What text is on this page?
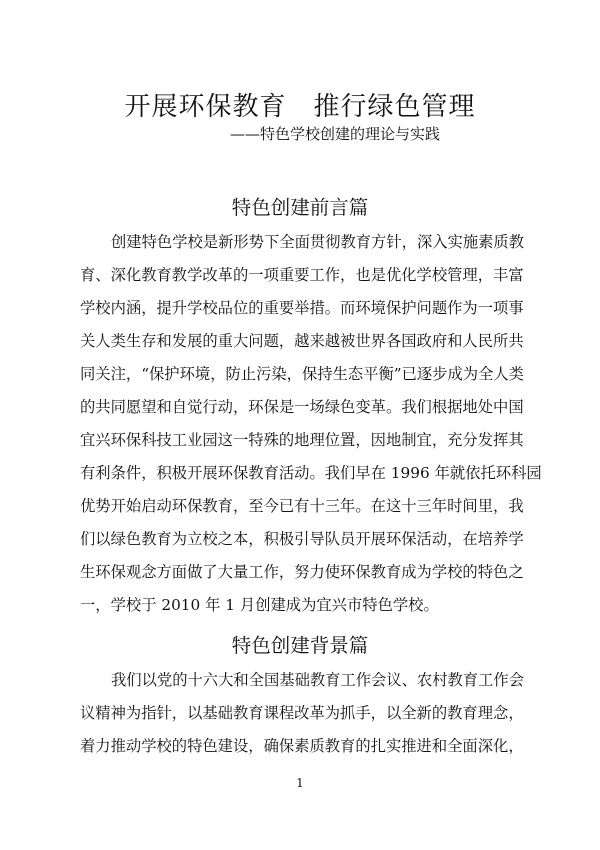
开展环保教育　推行绿色管理
——特色学校创建的理论与实践
特色创建前言篇
创建特色学校是新形势下全面贯彻教育方针，深入实施素质教
育、深化教育教学改革的一项重要工作，也是优化学校管理，丰富
学校内涵，提升学校品位的重要举措。而环境保护问题作为一项事
关人类生存和发展的重大问题，越来越被世界各国政府和人民所共
同关注，“保护环境，防止污染，保持生态平衡”已逐步成为全人类
的共同愿望和自觉行动，环保是一场绿色变革。我们根据地处中国
宜兴环保科技工业园这一特殊的地理位置，因地制宜，充分发挥其
有利条件，积极开展环保教育活动。我们早在 1996 年就依托环科园
优势开始启动环保教育，至今已有十三年。在这十三年时间里，我
们以绿色教育为立校之本，积极引导队员开展环保活动，在培养学
生环保观念方面做了大量工作，努力使环保教育成为学校的特色之
一，学校于 2010 年 1 月创建成为宜兴市特色学校。
特色创建背景篇
我们以党的十六大和全国基础教育工作会议、农村教育工作会
议精神为指针，以基础教育课程改革为抓手，以全新的教育理念，
着力推动学校的特色建设，确保素质教育的扎实推进和全面深化，
1
